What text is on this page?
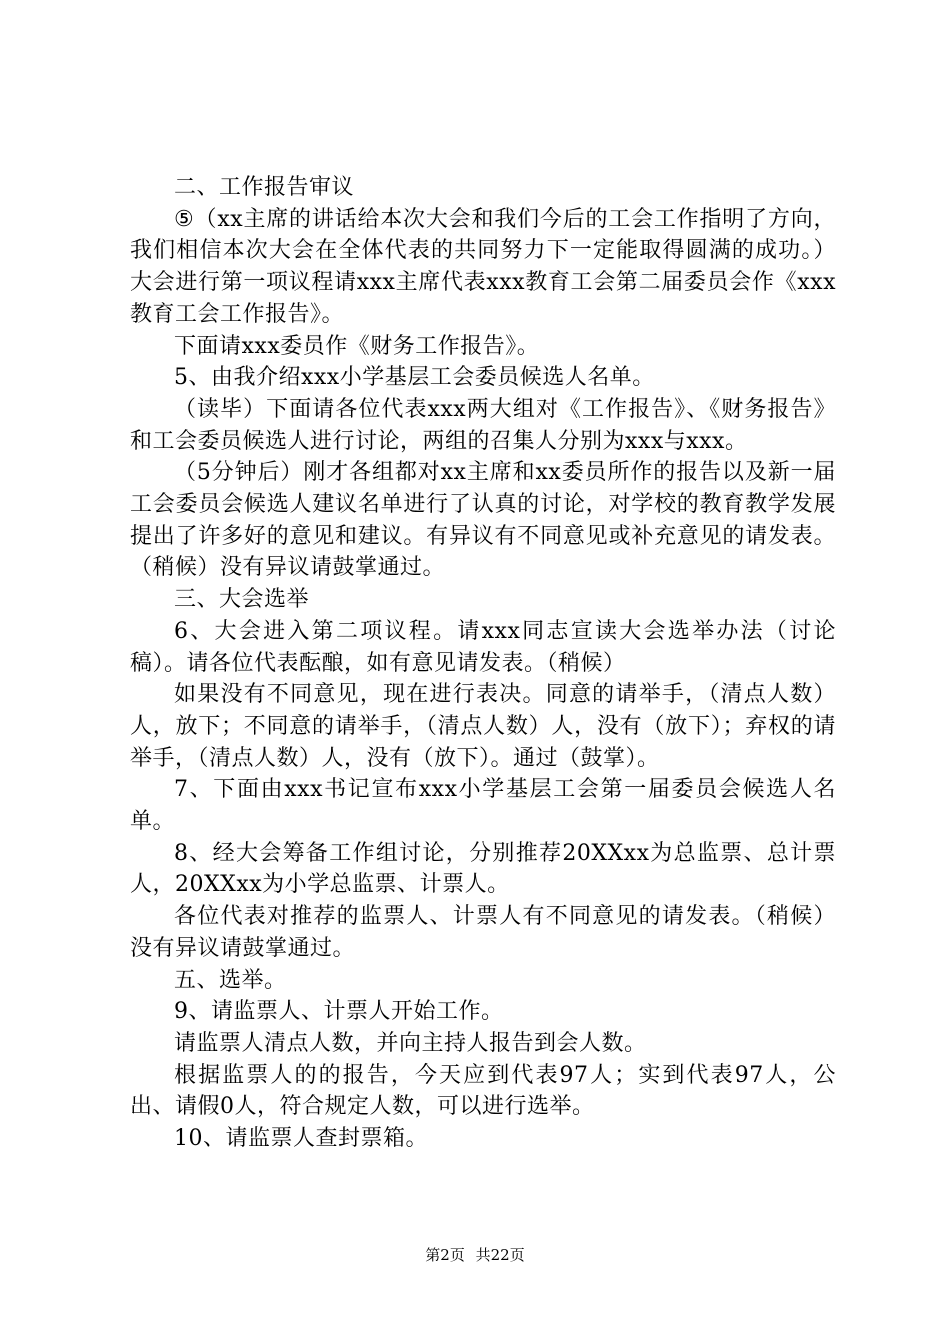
二、工作报告审议

⑤（xx主席的讲话给本次大会和我们今后的工会工作指明了方向，我们相信本次大会在全体代表的共同努力下一定能取得圆满的成功。）大会进行第一项议程请xxx主席代表xxx教育工会第二届委员会作《xxx教育工会工作报告》。

下面请xxx委员作《财务工作报告》。

5、由我介绍xxx小学基层工会委员候选人名单。

（读毕）下面请各位代表xxx两大组对《工作报告》、《财务报告》和工会委员候选人进行讨论，两组的召集人分别为xxx与xxx。

（5分钟后）刚才各组都对xx主席和xx委员所作的报告以及新一届工会委员会候选人建议名单进行了认真的讨论，对学校的教育教学发展提出了许多好的意见和建议。有异议有不同意见或补充意见的请发表。（稍候）没有异议请鼓掌通过。

三、大会选举

6、大会进入第二项议程。请xxx同志宣读大会选举办法（讨论稿）。请各位代表酝酿，如有意见请发表。（稍候）

如果没有不同意见，现在进行表决。同意的请举手，（清点人数）人，放下；不同意的请举手，（清点人数）人，没有（放下）；弃权的请举手，（清点人数）人，没有（放下）。通过（鼓掌）。

7、下面由xxx书记宣布xxx小学基层工会第一届委员会候选人名单。

8、经大会筹备工作组讨论，分别推荐20XXxx为总监票、总计票人，20XXxx为小学总监票、计票人。

各位代表对推荐的监票人、计票人有不同意见的请发表。（稍候）没有异议请鼓掌通过。

五、选举。

9、请监票人、计票人开始工作。

请监票人清点人数，并向主持人报告到会人数。

根据监票人的的报告，今天应到代表97人；实到代表97人，公出、请假0人，符合规定人数，可以进行选举。

10、请监票人查封票箱。

第2页 共22页
